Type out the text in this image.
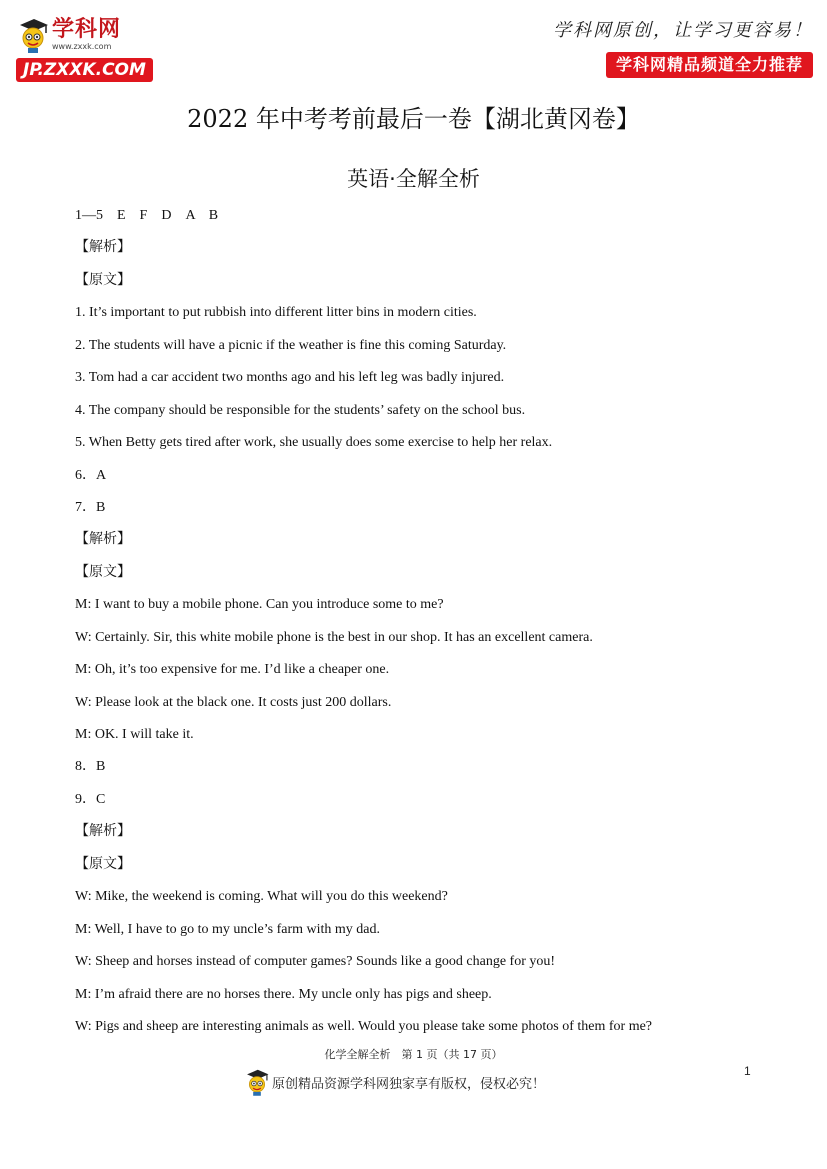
学科网
www.zxxk.com
JP.ZXXK.COM
学科网原创，让学习更容易！
学科网精品频道全力推荐
2022 年中考考前最后一卷【湖北黄冈卷】
英语·全解全析
1—5　E　F　D　A　B
【解析】
【原文】
1. It’s important to put rubbish into different litter bins in modern cities.
2. The students will have a picnic if the weather is fine this coming Saturday.
3. Tom had a car accident two months ago and his left leg was badly injured.
4. The company should be responsible for the students’ safety on the school bus.
5. When Betty gets tired after work, she usually does some exercise to help her relax.
6．A
7．B
【解析】
【原文】
M: I want to buy a mobile phone. Can you introduce some to me?
W: Certainly. Sir, this white mobile phone is the best in our shop. It has an excellent camera.
M: Oh, it’s too expensive for me. I’d like a cheaper one.
W: Please look at the black one. It costs just 200 dollars.
M: OK. I will take it.
8．B
9．C
【解析】
【原文】
W: Mike, the weekend is coming. What will you do this weekend?
M: Well, I have to go to my uncle’s farm with my dad.
W: Sheep and horses instead of computer games? Sounds like a good change for you!
M: I’m afraid there are no horses there. My uncle only has pigs and sheep.
W: Pigs and sheep are interesting animals as well. Would you please take some photos of them for me?
化学全解全析　第 1 页（共 17 页）
原创精品资源学科网独家享有版权，侵权必究！
1
